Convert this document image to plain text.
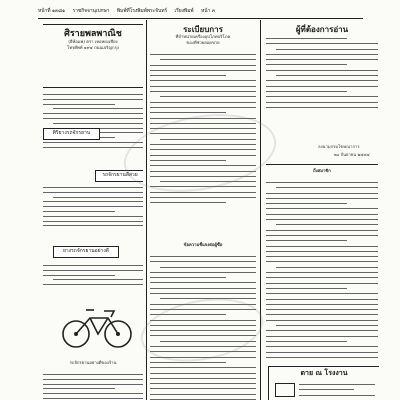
หน้าที่ ๑๓๘๑ ราชกิจจานุเบกษา พิมพ์ที่โรงพิมพ์พระจันทร์ เรียงพิมพ์ หน้า ๓
ศิรายพลพาณิช
(ยี่ห้อแพ) ตรา เหอหยงเชียง
โทรศัพท์ ๑๙๔ ถนนเจริญกรุง
ศิริยางรถจักรยาน
รถจักรยานสีสวย
ยางรถจักรยานอย่างดี
รถจักรยานอย่างดีของร้าน
ระเบียบการ
ที่จำหน่ายเครื่องอุปโภคบริโภค
ของที่ช่วยยอดขาย
ข้อความชี้แจงต่อผู้ซื้อ
ผู้ที่ต้องการอ่าน
ลงนามกรมโฆษณาการ
๒๐ กันยายน ๒๔๘๔
ถึงสมาชิก
ตาย ณ โรงงาน
